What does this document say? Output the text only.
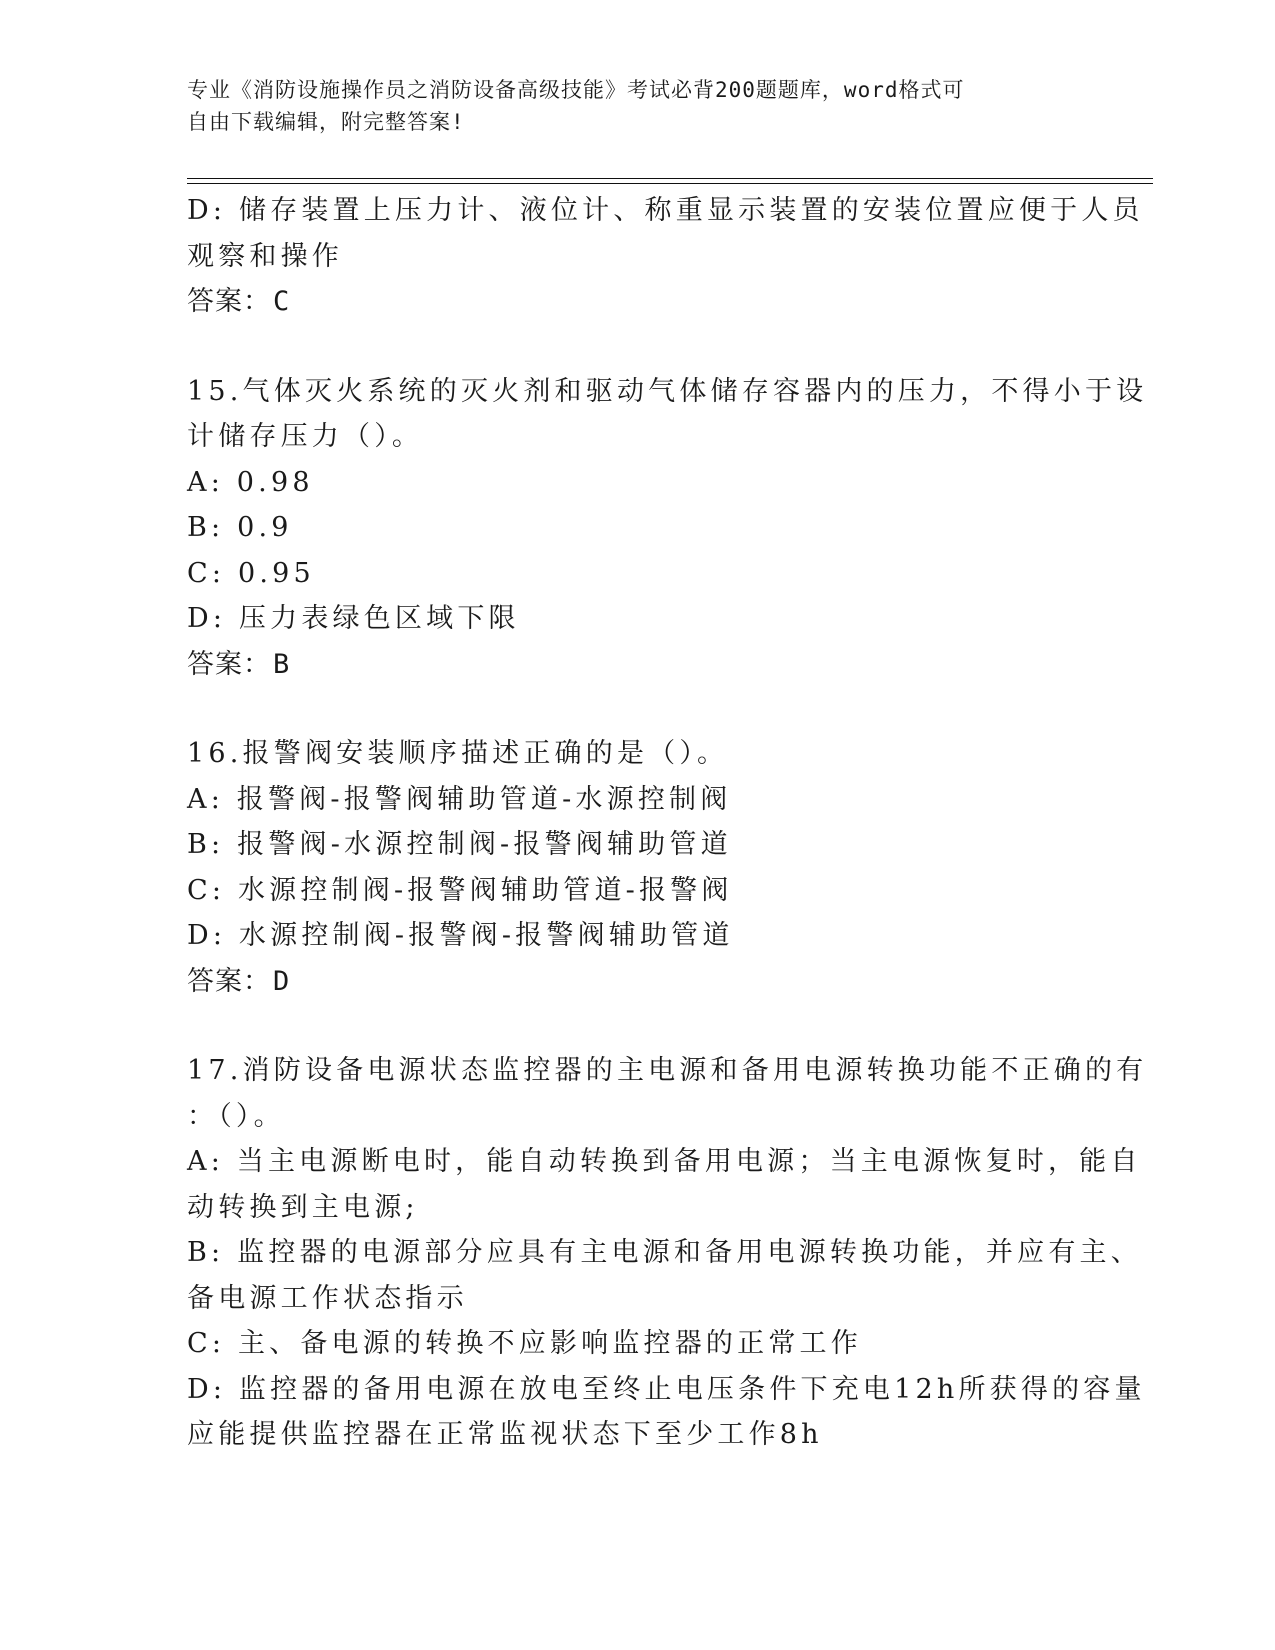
专业《消防设施操作员之消防设备高级技能》考试必背200题题库，word格式可
自由下载编辑，附完整答案!
D: 储存装置上压力计、液位计、称重显示装置的安装位置应便于人员
观察和操作
答案：C
15.气体灭火系统的灭火剂和驱动气体储存容器内的压力，不得小于设
计储存压力（）。
A: 0.98
B: 0.9
C: 0.95
D: 压力表绿色区域下限
答案：B
16.报警阀安装顺序描述正确的是（）。
A: 报警阀-报警阀辅助管道-水源控制阀
B: 报警阀-水源控制阀-报警阀辅助管道
C: 水源控制阀-报警阀辅助管道-报警阀
D: 水源控制阀-报警阀-报警阀辅助管道
答案：D
17.消防设备电源状态监控器的主电源和备用电源转换功能不正确的有
：（）。
A: 当主电源断电时，能自动转换到备用电源；当主电源恢复时，能自
动转换到主电源;
B: 监控器的电源部分应具有主电源和备用电源转换功能，并应有主、
备电源工作状态指示
C: 主、备电源的转换不应影响监控器的正常工作
D: 监控器的备用电源在放电至终止电压条件下充电12h所获得的容量
应能提供监控器在正常监视状态下至少工作8h
